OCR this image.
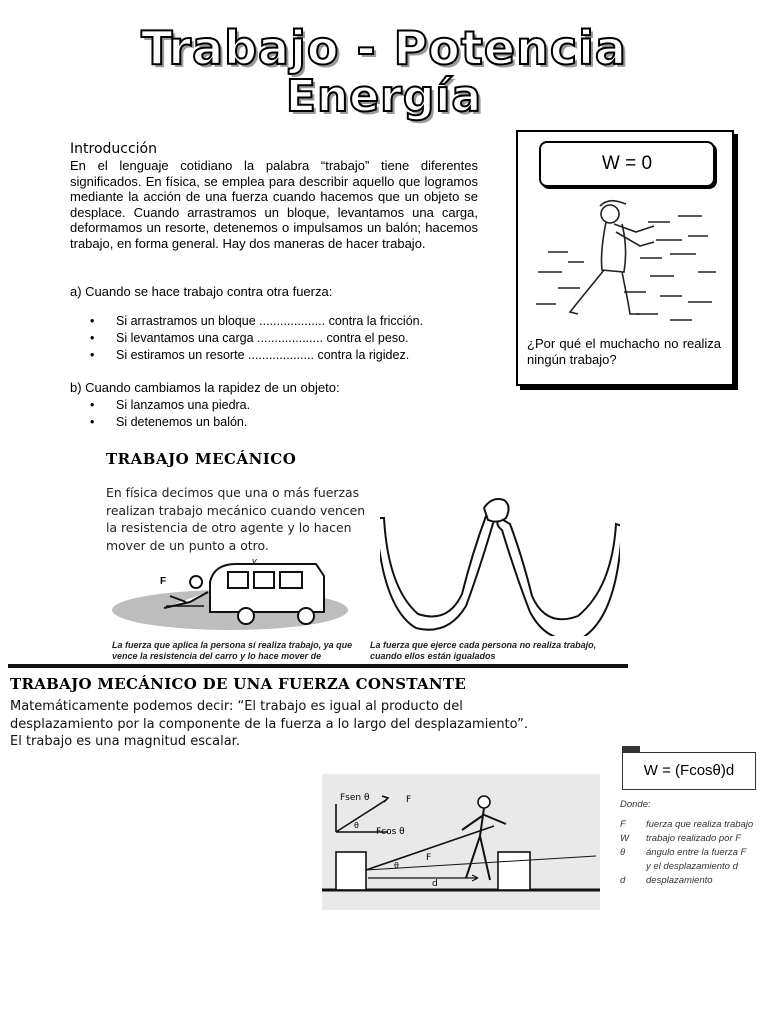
Trabajo - Potencia
Energía
Introducción
En el lenguaje cotidiano la palabra “trabajo” tiene diferentes significados. En física, se emplea para describir aquello que logramos mediante la acción de una fuerza cuando hacemos que un objeto se desplace. Cuando arrastramos un bloque, levantamos una carga, deformamos un resorte, detenemos o impulsamos un balón; hacemos trabajo, en forma general. Hay dos maneras de hacer trabajo.
a) Cuando se hace trabajo contra otra fuerza:
• Si arrastramos un bloque ................... contra la fricción.
• Si levantamos una carga ................... contra el peso.
• Si estiramos un resorte ................... contra la rigidez.
b) Cuando cambiamos la rapidez de un objeto:
• Si lanzamos una piedra.
• Si detenemos un balón.
W = 0
¿Por qué el muchacho no realiza ningún trabajo?
TRABAJO MECÁNICO
En física decimos que una o más fuerzas realizan trabajo mecánico cuando vencen la resistencia de otro agente y lo hacen mover de un punto a otro.
F
v
La fuerza que aplica la persona sí realiza trabajo, ya que vence la resistencia del carro y lo hace mover de
La fuerza que ejerce cada persona no realiza trabajo, cuando ellos están igualados
TRABAJO MECÁNICO DE UNA FUERZA CONSTANTE
Matemáticamente podemos decir: “El trabajo es igual al producto del desplazamiento por la componente de la fuerza a lo largo del desplazamiento”. El trabajo es una magnitud escalar.
Fsen θ	F
θ
Fcos θ
F
θ
d
W = (Fcosθ)d
Donde:
F	fuerza que realiza trabajo
W	trabajo realizado por F
θ	ángulo entre la fuerza F
y el desplazamiento d
d	desplazamiento
